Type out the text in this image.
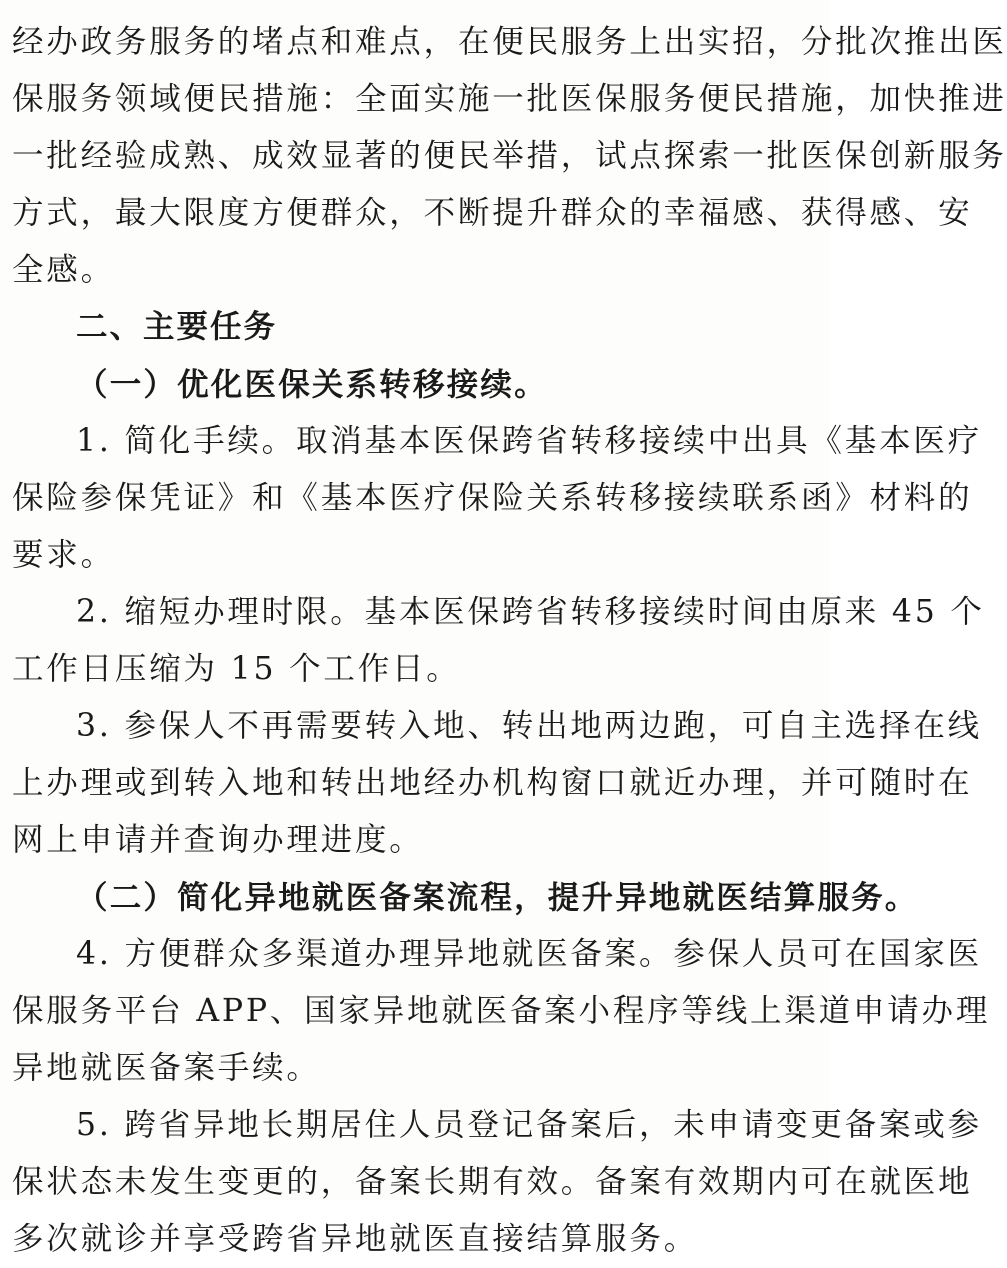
经办政务服务的堵点和难点，在便民服务上出实招，分批次推出医
保服务领域便民措施：全面实施一批医保服务便民措施，加快推进
一批经验成熟、成效显著的便民举措，试点探索一批医保创新服务
方式，最大限度方便群众，不断提升群众的幸福感、获得感、安
全感。
二、主要任务
（一）优化医保关系转移接续。
1. 简化手续。取消基本医保跨省转移接续中出具《基本医疗
保险参保凭证》和《基本医疗保险关系转移接续联系函》材料的
要求。
2. 缩短办理时限。基本医保跨省转移接续时间由原来 45 个
工作日压缩为 15 个工作日。
3. 参保人不再需要转入地、转出地两边跑，可自主选择在线
上办理或到转入地和转出地经办机构窗口就近办理，并可随时在
网上申请并查询办理进度。
（二）简化异地就医备案流程，提升异地就医结算服务。
4. 方便群众多渠道办理异地就医备案。参保人员可在国家医
保服务平台 APP、国家异地就医备案小程序等线上渠道申请办理
异地就医备案手续。
5. 跨省异地长期居住人员登记备案后，未申请变更备案或参
保状态未发生变更的，备案长期有效。备案有效期内可在就医地
多次就诊并享受跨省异地就医直接结算服务。
